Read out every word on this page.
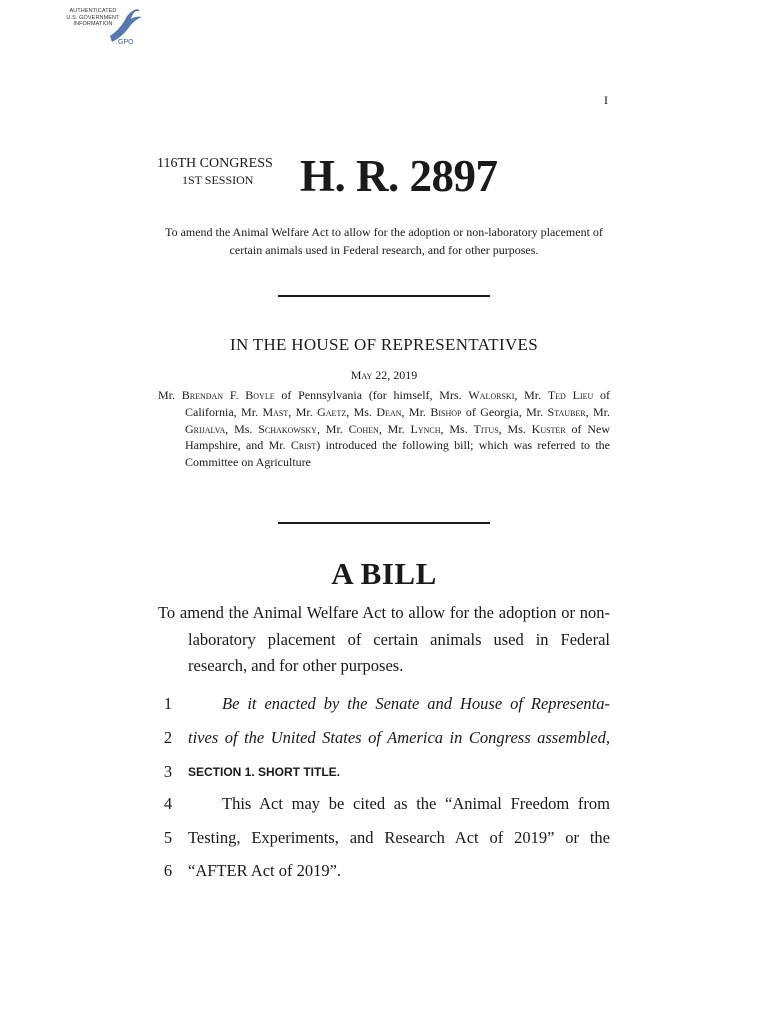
AUTHENTICATED
U.S. GOVERNMENT
INFORMATION
GPO
I
116TH CONGRESS
1ST SESSION	H. R. 2897
To amend the Animal Welfare Act to allow for the adoption or non-laboratory placement of certain animals used in Federal research, and for other purposes.
IN THE HOUSE OF REPRESENTATIVES
May 22, 2019

Mr. Brendan F. Boyle of Pennsylvania (for himself, Mrs. Walorski, Mr. Ted Lieu of California, Mr. Mast, Mr. Gaetz, Ms. Dean, Mr. Bishop of Georgia, Mr. Stauber, Mr. Grijalva, Ms. Schakowsky, Mr. Cohen, Mr. Lynch, Ms. Titus, Ms. Kuster of New Hampshire, and Mr. Crist) introduced the following bill; which was referred to the Committee on Agriculture

A BILL

To amend the Animal Welfare Act to allow for the adoption or non-laboratory placement of certain animals used in Federal research, and for other purposes.

1	Be it enacted by the Senate and House of Representa-
2 tives of the United States of America in Congress assembled,
3	SECTION 1. SHORT TITLE.
4	This Act may be cited as the “Animal Freedom from
5 Testing, Experiments, and Research Act of 2019” or the
6 “AFTER Act of 2019”.
